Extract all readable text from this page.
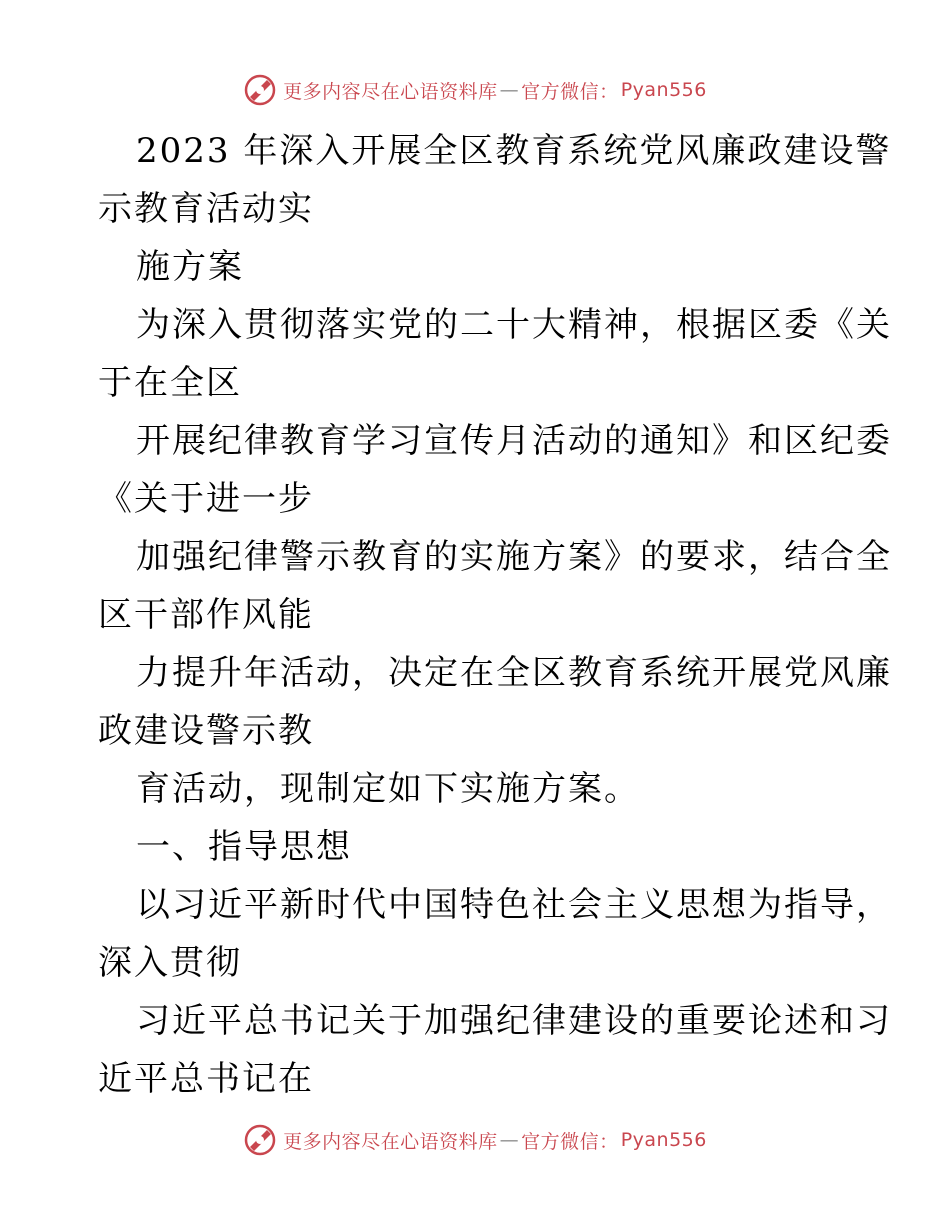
更多内容尽在心语资料库 — 官方微信： Pyan556
2023 年深入开展全区教育系统党风廉政建设警
示教育活动实
施方案
为深入贯彻落实党的二十大精神，根据区委《关
于在全区
开展纪律教育学习宣传月活动的通知》和区纪委
《关于进一步
加强纪律警示教育的实施方案》的要求，结合全
区干部作风能
力提升年活动，决定在全区教育系统开展党风廉
政建设警示教
育活动，现制定如下实施方案。
一、指导思想
以习近平新时代中国特色社会主义思想为指导，
深入贯彻
习近平总书记关于加强纪律建设的重要论述和习
近平总书记在
更多内容尽在心语资料库 — 官方微信： Pyan556
